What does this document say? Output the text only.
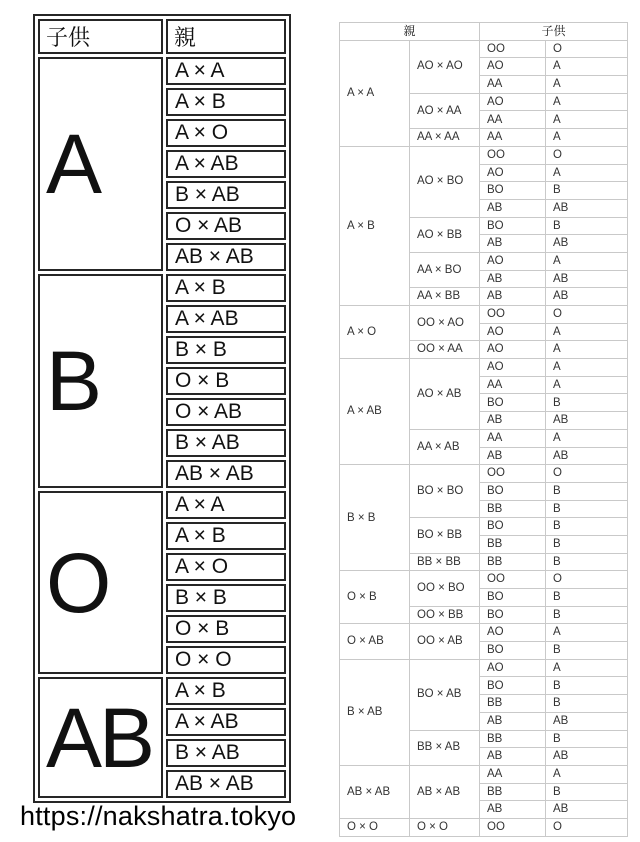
子供	親
A	A × A
	A × B
	A × O
	A × AB
	B × AB
	O × AB
	AB × AB
B	A × B
	A × AB
	B × B
	O × B
	O × AB
	B × AB
	AB × AB
O	A × A
	A × B
	A × O
	B × B
	O × B
	O × O
AB	A × B
	A × AB
	B × AB
	AB × AB
親		子供	
A × A	AO × AO	OO	O
		AO	A
		AA	A
	AO × AA	AO	A
		AA	A
	AA × AA	AA	A
A × B	AO × BO	OO	O
		AO	A
		BO	B
		AB	AB
	AO × BB	BO	B
		AB	AB
	AA × BO	AO	A
		AB	AB
	AA × BB	AB	AB
A × O	OO × AO	OO	O
		AO	A
	OO × AA	AO	A
A × AB	AO × AB	AO	A
		AA	A
		BO	B
		AB	AB
	AA × AB	AA	A
		AB	AB
B × B	BO × BO	OO	O
		BO	B
		BB	B
	BO × BB	BO	B
		BB	B
	BB × BB	BB	B
O × B	OO × BO	OO	O
		BO	B
	OO × BB	BO	B
O × AB	OO × AB	AO	A
		BO	B
B × AB	BO × AB	AO	A
		BO	B
		BB	B
		AB	AB
	BB × AB	BB	B
		AB	AB
AB × AB	AB × AB	AA	A
		BB	B
		AB	AB
O × O	O × O	OO	O
https://nakshatra.tokyo
